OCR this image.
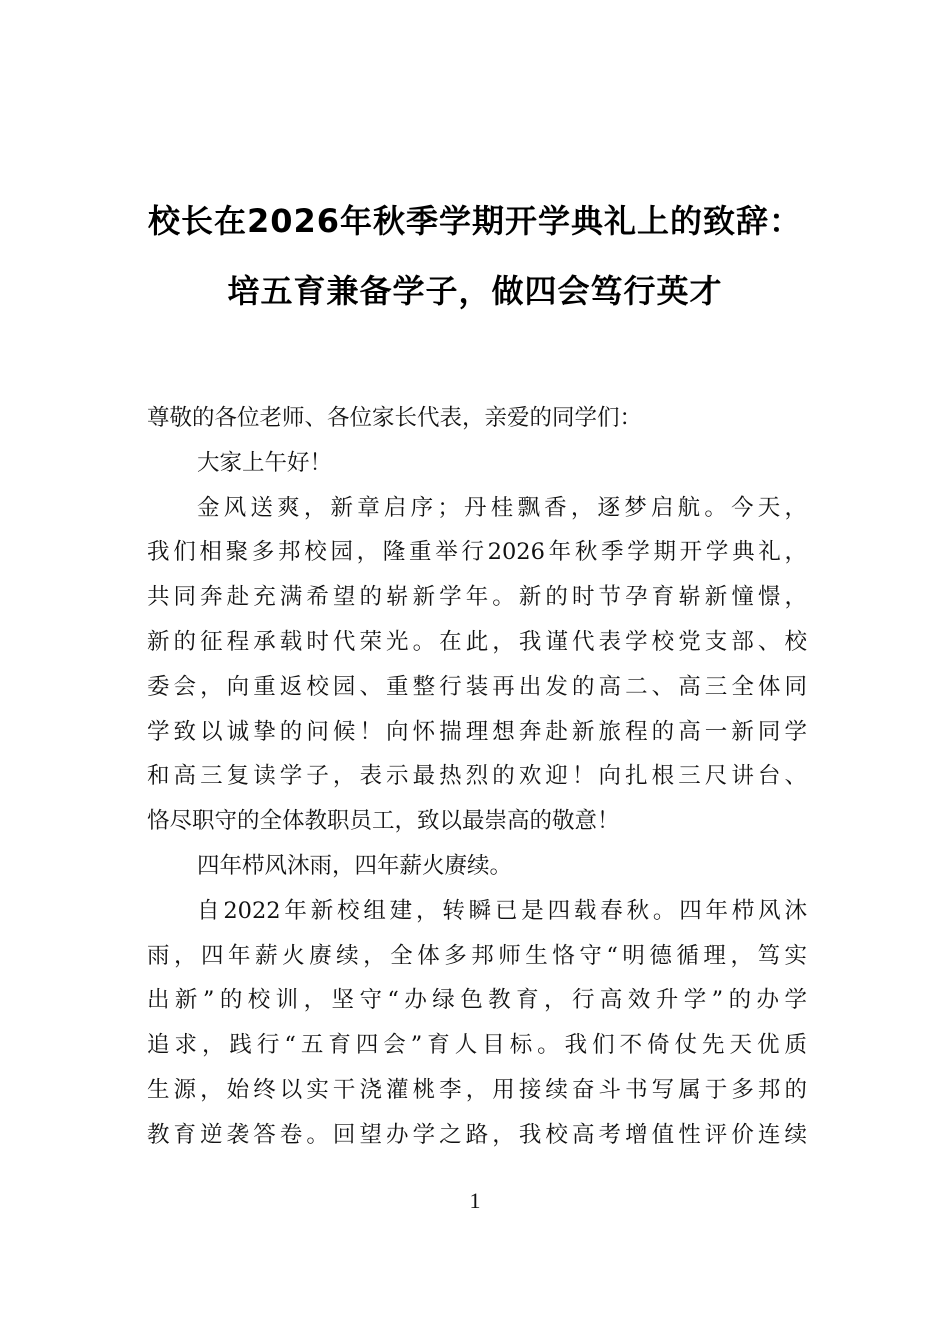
校长在2026年秋季学期开学典礼上的致辞：
培五育兼备学子，做四会笃行英才

尊敬的各位老师、各位家长代表，亲爱的同学们：

大家上午好！

金风送爽，新章启序；丹桂飘香，逐梦启航。今天，
我们相聚多邦校园，隆重举行2026年秋季学期开学典礼，
共同奔赴充满希望的崭新学年。新的时节孕育崭新憧憬，
新的征程承载时代荣光。在此，我谨代表学校党支部、校
委会，向重返校园、重整行装再出发的高二、高三全体同
学致以诚挚的问候！向怀揣理想奔赴新旅程的高一新同学
和高三复读学子，表示最热烈的欢迎！向扎根三尺讲台、
恪尽职守的全体教职员工，致以最崇高的敬意！

四年栉风沐雨，四年薪火赓续。

自2022年新校组建，转瞬已是四载春秋。四年栉风沐
雨，四年薪火赓续，全体多邦师生恪守“明德循理，笃实
出新”的校训，坚守“办绿色教育，行高效升学”的办学
追求，践行“五育四会”育人目标。我们不倚仗先天优质
生源，始终以实干浇灌桃李，用接续奋斗书写属于多邦的
教育逆袭答卷。回望办学之路，我校高考增值性评价连续

1
